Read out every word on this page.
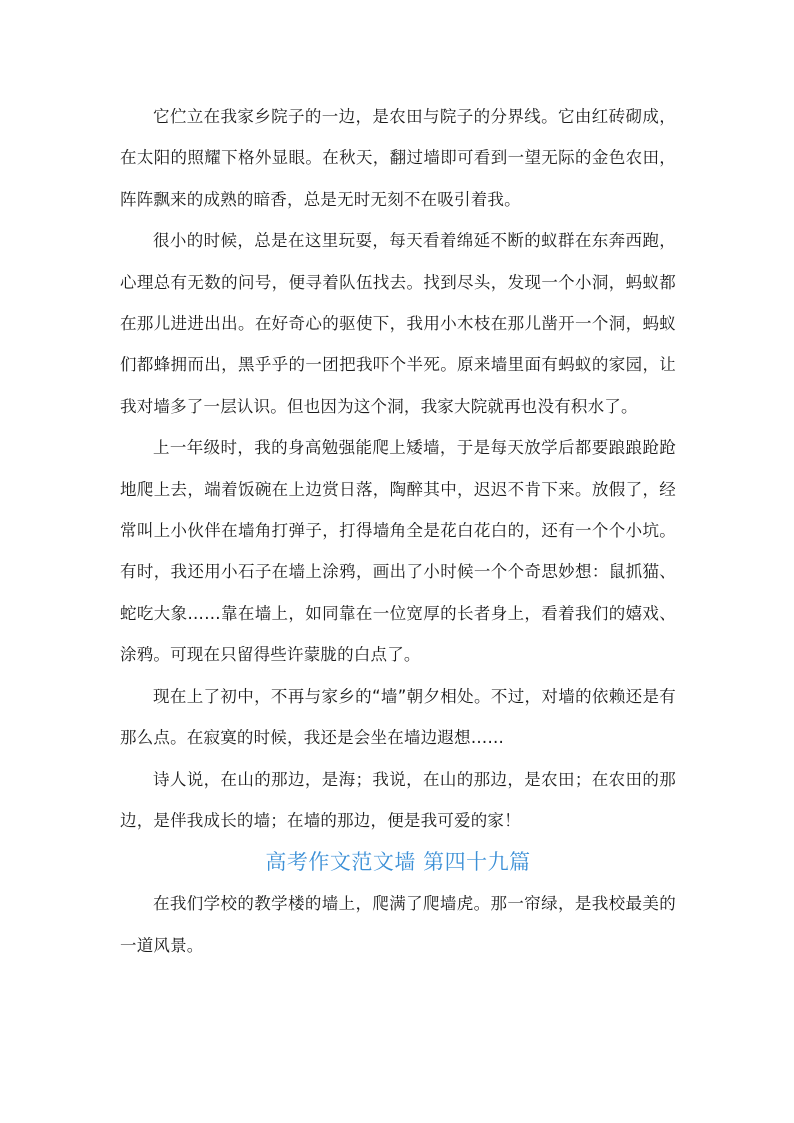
它伫立在我家乡院子的一边，是农田与院子的分界线。它由红砖砌成，在太阳的照耀下格外显眼。在秋天，翻过墙即可看到一望无际的金色农田，阵阵飘来的成熟的暗香，总是无时无刻不在吸引着我。

很小的时候，总是在这里玩耍，每天看着绵延不断的蚁群在东奔西跑，心理总有无数的问号，便寻着队伍找去。找到尽头，发现一个小洞，蚂蚁都在那儿进进出出。在好奇心的驱使下，我用小木枝在那儿凿开一个洞，蚂蚁们都蜂拥而出，黑乎乎的一团把我吓个半死。原来墙里面有蚂蚁的家园，让我对墙多了一层认识。但也因为这个洞，我家大院就再也没有积水了。

上一年级时，我的身高勉强能爬上矮墙，于是每天放学后都要踉踉跄跄地爬上去，端着饭碗在上边赏日落，陶醉其中，迟迟不肯下来。放假了，经常叫上小伙伴在墙角打弹子，打得墙角全是花白花白的，还有一个个小坑。有时，我还用小石子在墙上涂鸦，画出了小时候一个个奇思妙想：鼠抓猫、蛇吃大象……靠在墙上，如同靠在一位宽厚的长者身上，看着我们的嬉戏、涂鸦。可现在只留得些许蒙胧的白点了。

现在上了初中，不再与家乡的“墙”朝夕相处。不过，对墙的依赖还是有那么点。在寂寞的时候，我还是会坐在墙边遐想……

诗人说，在山的那边，是海；我说，在山的那边，是农田；在农田的那边，是伴我成长的墙；在墙的那边，便是我可爱的家！

高考作文范文墙 第四十九篇

在我们学校的教学楼的墙上，爬满了爬墙虎。那一帘绿，是我校最美的一道风景。
